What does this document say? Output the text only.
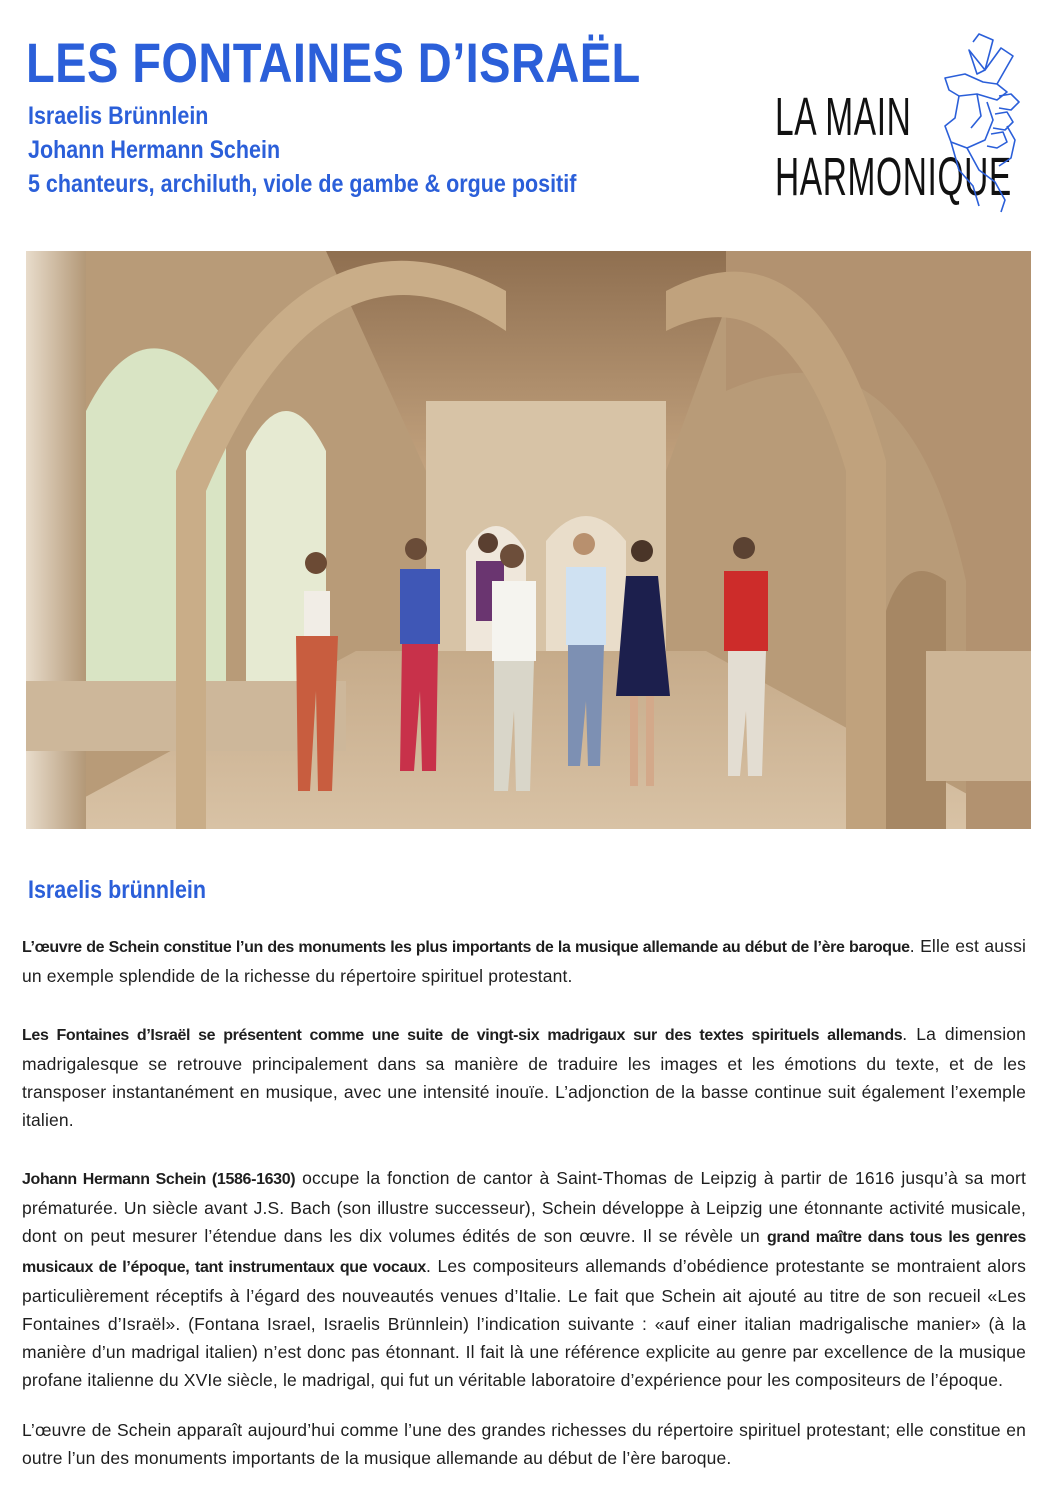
LES FONTAINES D’ISRAËL

Israelis Brünnlein

Johann Hermann Schein

5 chanteurs, archiluth, viole de gambe & orgue positif

LA MAIN

HARMONIQUE

Israelis brünnlein

L’œuvre de Schein constitue l’un des monuments les plus importants de la musique allemande au début de l’ère baroque. Elle est aussi un exemple splendide de la richesse du répertoire spirituel protestant.

Les Fontaines d’Israël se présentent comme une suite de vingt-six madrigaux sur des textes spirituels allemands. La dimension madrigalesque se retrouve principalement dans sa manière de traduire les images et les émotions du texte, et de les transposer instantanément en musique, avec une intensité inouïe. L’adjonction de la basse continue suit également l’exemple italien.

Johann Hermann Schein (1586-1630) occupe la fonction de cantor à Saint-Thomas de Leipzig à partir de 1616 jusqu’à sa mort prématurée. Un siècle avant J.S. Bach (son illustre successeur), Schein développe à Leipzig une étonnante activité musicale, dont on peut mesurer l’étendue dans les dix volumes édités de son œuvre. Il se révèle un grand maître dans tous les genres musicaux de l’époque, tant instrumentaux que vocaux. Les compositeurs allemands d’obédience protestante se montraient alors particulièrement réceptifs à l’égard des nouveautés venues d’Italie. Le fait que Schein ait ajouté au titre de son recueil «Les Fontaines d’Israël». (Fontana Israel, Israelis Brünnlein) l’indication suivante : «auf einer italian madrigalische manier» (à la manière d’un madrigal italien) n’est donc pas étonnant. Il fait là une référence explicite au genre par excellence de la musique profane italienne du XVIe siècle, le madrigal, qui fut un véritable laboratoire d’expérience pour les compositeurs de l’époque.

L’œuvre de Schein apparaît aujourd’hui comme l’une des grandes richesses du répertoire spirituel protestant; elle constitue en outre l’un des monuments importants de la musique allemande au début de l’ère baroque.
